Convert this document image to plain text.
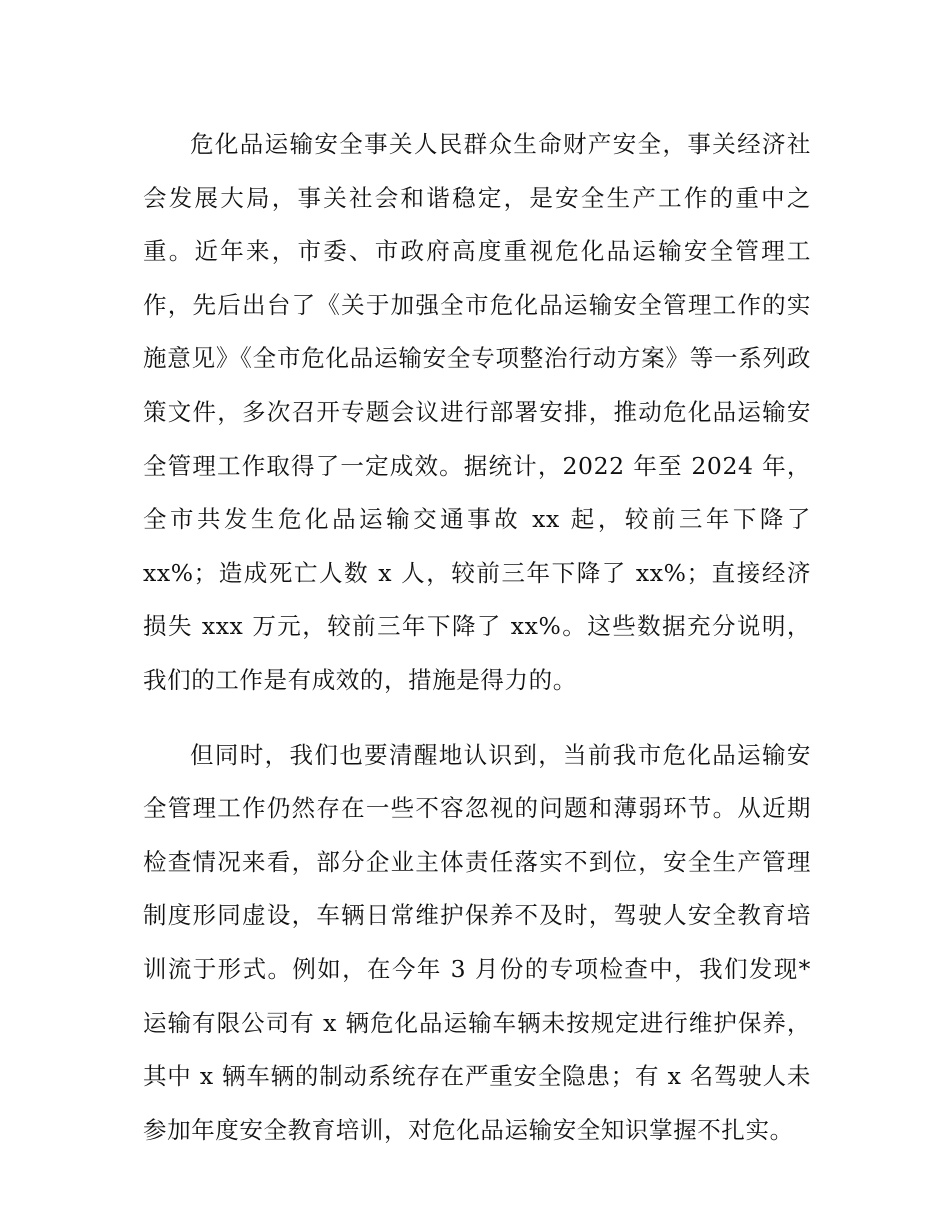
危化品运输安全事关人民群众生命财产安全，事关经济社会发展大局，事关社会和谐稳定，是安全生产工作的重中之重。近年来，市委、市政府高度重视危化品运输安全管理工作，先后出台了《关于加强全市危化品运输安全管理工作的实施意见》《全市危化品运输安全专项整治行动方案》等一系列政策文件，多次召开专题会议进行部署安排，推动危化品运输安全管理工作取得了一定成效。据统计，2022 年至 2024 年，全市共发生危化品运输交通事故 xx 起，较前三年下降了 xx%；造成死亡人数 x 人，较前三年下降了 xx%；直接经济损失 xxx 万元，较前三年下降了 xx%。这些数据充分说明，我们的工作是有成效的，措施是得力的。

但同时，我们也要清醒地认识到，当前我市危化品运输安全管理工作仍然存在一些不容忽视的问题和薄弱环节。从近期检查情况来看，部分企业主体责任落实不到位，安全生产管理制度形同虚设，车辆日常维护保养不及时，驾驶人安全教育培训流于形式。例如，在今年 3 月份的专项检查中，我们发现*运输有限公司有 x 辆危化品运输车辆未按规定进行维护保养，其中 x 辆车辆的制动系统存在严重安全隐患；有 x 名驾驶人未参加年度安全教育培训，对危化品运输安全知识掌握不扎实。
